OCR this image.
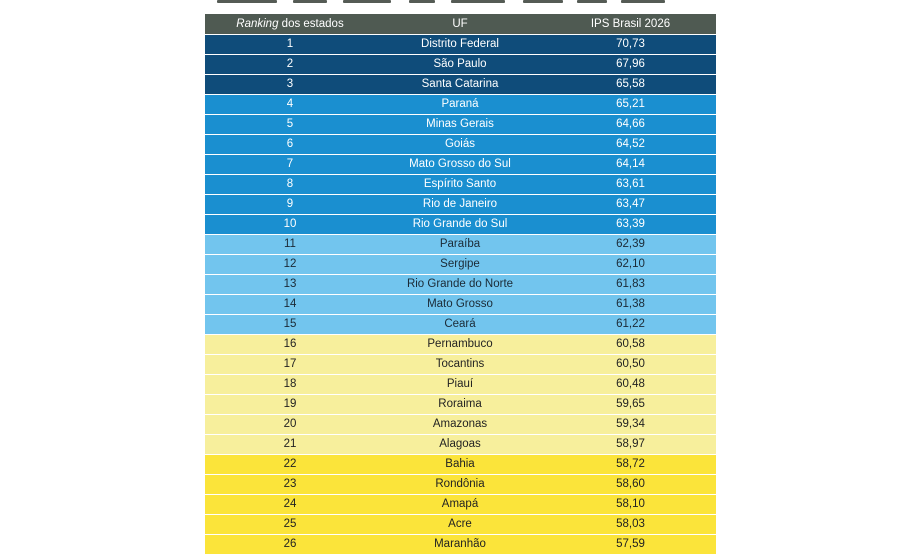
Ranking dos estados	UF	IPS Brasil 2026
1	Distrito Federal	70,73
2	São Paulo	67,96
3	Santa Catarina	65,58
4	Paraná	65,21
5	Minas Gerais	64,66
6	Goiás	64,52
7	Mato Grosso do Sul	64,14
8	Espírito Santo	63,61
9	Rio de Janeiro	63,47
10	Rio Grande do Sul	63,39
11	Paraíba	62,39
12	Sergipe	62,10
13	Rio Grande do Norte	61,83
14	Mato Grosso	61,38
15	Ceará	61,22
16	Pernambuco	60,58
17	Tocantins	60,50
18	Piauí	60,48
19	Roraima	59,65
20	Amazonas	59,34
21	Alagoas	58,97
22	Bahia	58,72
23	Rondônia	58,60
24	Amapá	58,10
25	Acre	58,03
26	Maranhão	57,59
